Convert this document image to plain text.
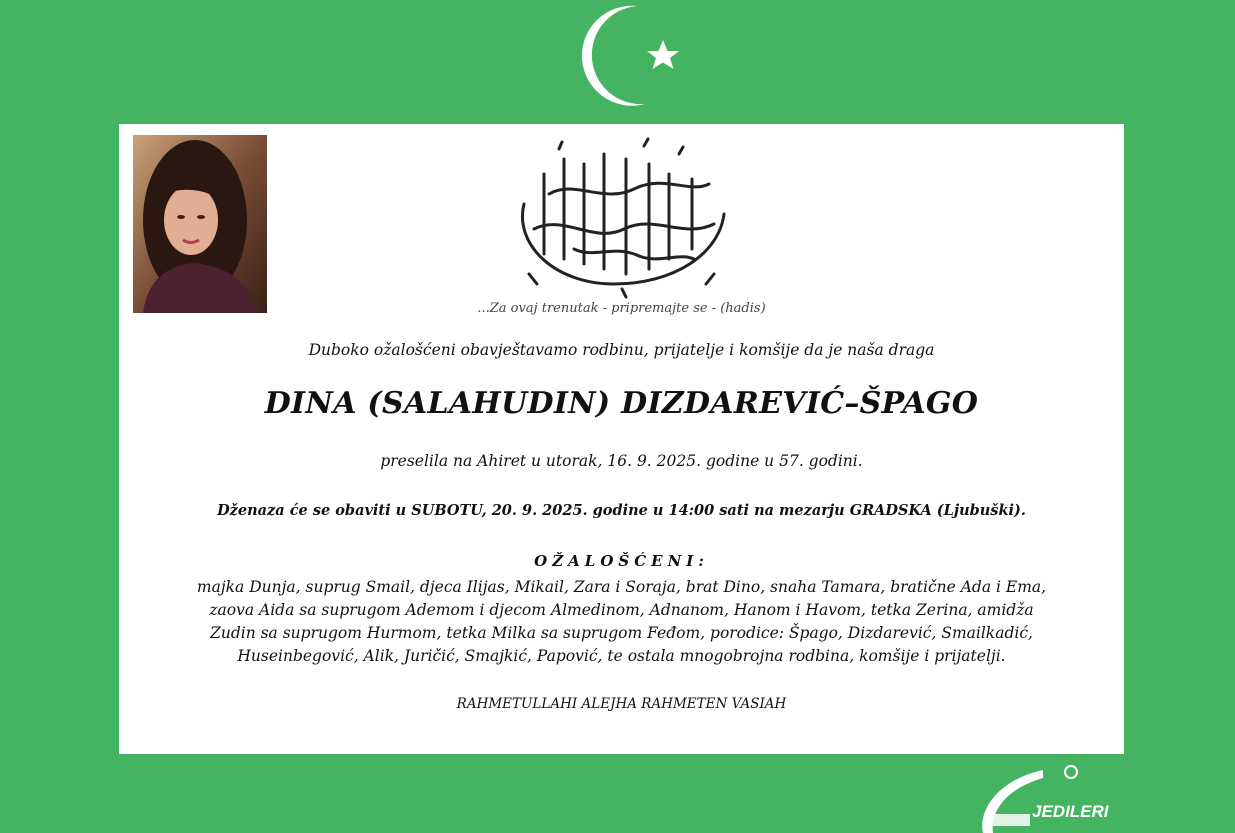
...Za ovaj trenutak - pripremajte se - (hadis)
Duboko ožalošćeni obavještavamo rodbinu, prijatelje i komšije da je naša draga
DINA (SALAHUDIN) DIZDAREVIĆ–ŠPAGO
preselila na Ahiret u utorak, 16. 9. 2025. godine u 57. godini.
Dženaza će se obaviti u SUBOTU, 20. 9. 2025. godine u 14:00 sati na mezarju GRADSKA (Ljubuški).
OŽALOŠĆENI:
majka Dunja, suprug Smail, djeca Ilijas, Mikail, Zara i Soraja, brat Dino, snaha Tamara, bratične Ada i Ema,
zaova Aida sa suprugom Ademom i djecom Almedinom, Adnanom, Hanom i Havom, tetka Zerina, amidža
Zudin sa suprugom Hurmom, tetka Milka sa suprugom Feđom, porodice: Špago, Dizdarević, Smailkadić,
Huseinbegović, Alik, Juričić, Smajkić, Papović, te ostala mnogobrojna rodbina, komšije i prijatelji.
RAHMETULLAHI ALEJHA RAHMETEN VASIAH
JEDILERI
